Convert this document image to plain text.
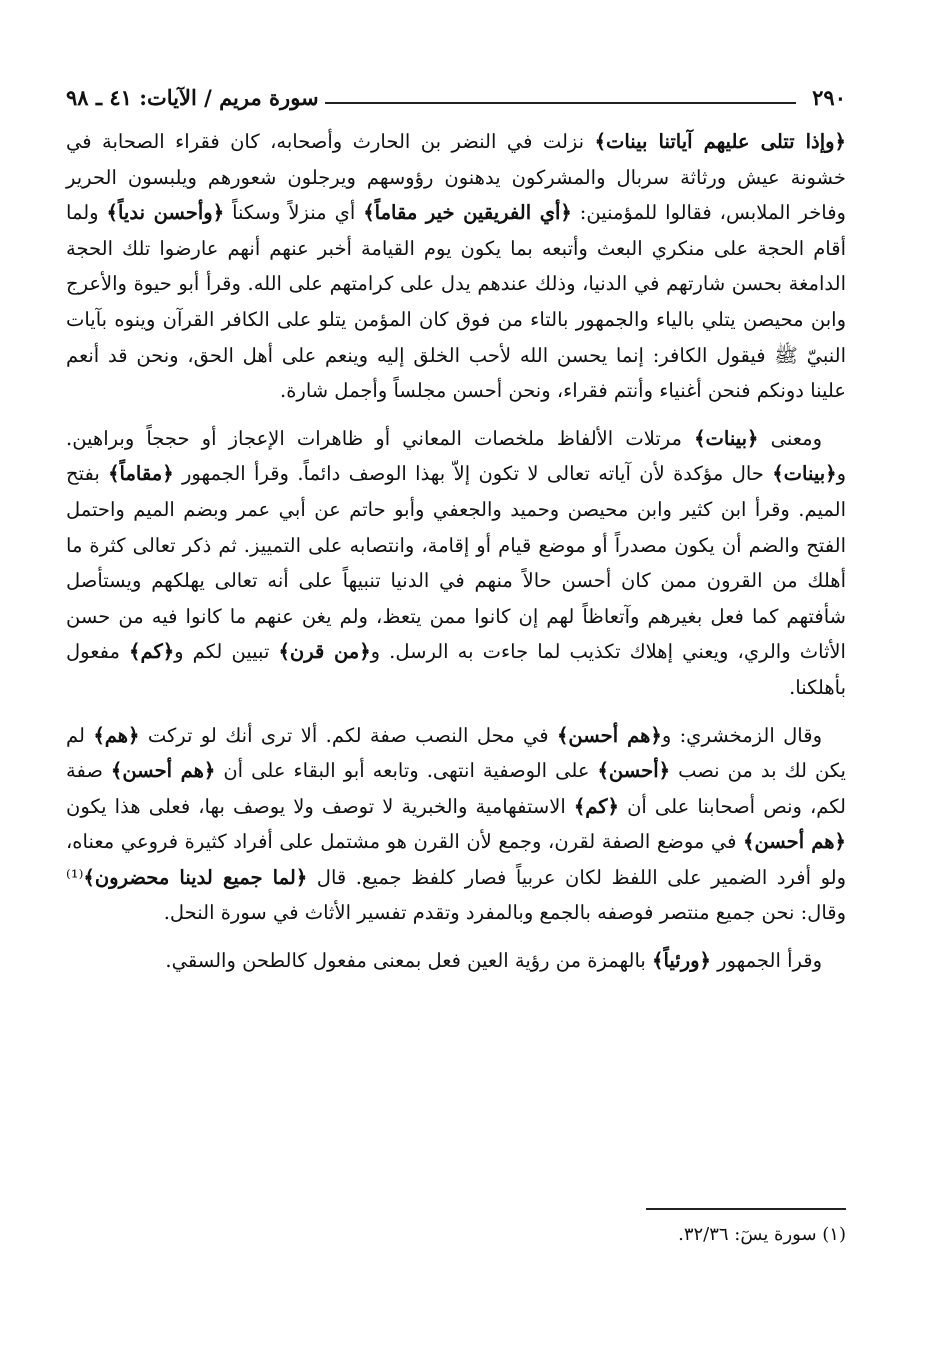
٢٩٠
سورة مريم / الآيات: ٤١ ـ ٩٨

﴿وإذا تتلى عليهم آياتنا بينات﴾ نزلت في النضر بن الحارث وأصحابه، كان فقراء الصحابة في خشونة عيش ورثاثة سربال والمشركون يدهنون رؤوسهم ويرجلون شعورهم ويلبسون الحرير وفاخر الملابس، فقالوا للمؤمنين: ﴿أي الفريقين خير مقاماً﴾ أي منزلاً وسكناً ﴿وأحسن ندياً﴾ ولما أقام الحجة على منكري البعث وأتبعه بما يكون يوم القيامة أخبر عنهم أنهم عارضوا تلك الحجة الدامغة بحسن شارتهم في الدنيا، وذلك عندهم يدل على كرامتهم على الله. وقرأ أبو حيوة والأعرج وابن محيصن يتلي بالياء والجمهور بالتاء من فوق كان المؤمن يتلو على الكافر القرآن وينوه بآيات النبيّ ﷺ فيقول الكافر: إنما يحسن الله لأحب الخلق إليه وينعم على أهل الحق، ونحن قد أنعم علينا دونكم فنحن أغنياء وأنتم فقراء، ونحن أحسن مجلساً وأجمل شارة.

ومعنى ﴿بينات﴾ مرتلات الألفاظ ملخصات المعاني أو ظاهرات الإعجاز أو حججاً وبراهين. و﴿بينات﴾ حال مؤكدة لأن آياته تعالى لا تكون إلاّ بهذا الوصف دائماً. وقرأ الجمهور ﴿مقاماً﴾ بفتح الميم. وقرأ ابن كثير وابن محيصن وحميد والجعفي وأبو حاتم عن أبي عمر وبضم الميم واحتمل الفتح والضم أن يكون مصدراً أو موضع قيام أو إقامة، وانتصابه على التمييز. ثم ذكر تعالى كثرة ما أهلك من القرون ممن كان أحسن حالاً منهم في الدنيا تنبيهاً على أنه تعالى يهلكهم ويستأصل شأفتهم كما فعل بغيرهم وآتعاظاً لهم إن كانوا ممن يتعظ، ولم يغن عنهم ما كانوا فيه من حسن الأثاث والري، ويعني إهلاك تكذيب لما جاءت به الرسل. و﴿من قرن﴾ تبيين لكم و﴿كم﴾ مفعول بأهلكنا.

وقال الزمخشري: و﴿هم أحسن﴾ في محل النصب صفة لكم. ألا ترى أنك لو تركت ﴿هم﴾ لم يكن لك بد من نصب ﴿أحسن﴾ على الوصفية انتهى. وتابعه أبو البقاء على أن ﴿هم أحسن﴾ صفة لكم، ونص أصحابنا على أن ﴿كم﴾ الاستفهامية والخبرية لا توصف ولا يوصف بها، فعلى هذا يكون ﴿هم أحسن﴾ في موضع الصفة لقرن، وجمع لأن القرن هو مشتمل على أفراد كثيرة فروعي معناه، ولو أفرد الضمير على اللفظ لكان عربياً فصار كلفظ جميع. قال ﴿لما جميع لدينا محضرون﴾⁽¹⁾ وقال: نحن جميع منتصر فوصفه بالجمع وبالمفرد وتقدم تفسير الأثاث في سورة النحل.

وقرأ الجمهور ﴿ورئياً﴾ بالهمزة من رؤية العين فعل بمعنى مفعول كالطحن والسقي.

(١) سورة يسٓ: ٣٢/٣٦.
